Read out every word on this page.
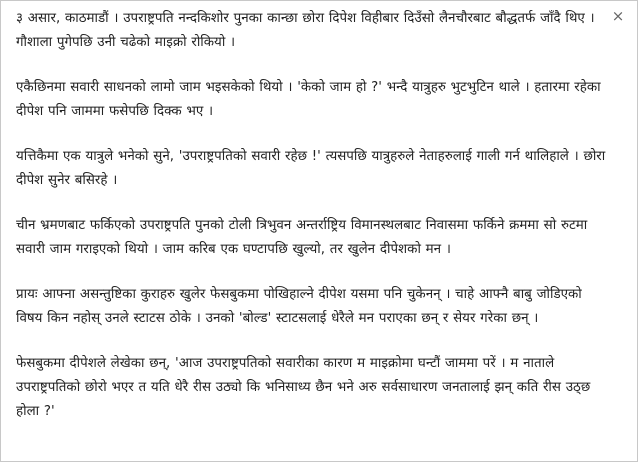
×

३ असार, काठमाडौं । उपराष्ट्रपति नन्दकिशोर पुनका कान्छा छोरा दिपेश विहीबार दिउँसो लैनचौरबाट बौद्धतर्फ जाँदै थिए । गौशाला पुगेपछि उनी चढेको माइक्रो रोकियो ।

एकैछिनमा सवारी साधनको लामो जाम भइसकेको थियो । 'केको जाम हो ?' भन्दै यात्रुहरु भुटभुटिन थाले । हतारमा रहेका दीपेश पनि जाममा फसेपछि दिक्क भए ।

यत्तिकैमा एक यात्रुले भनेको सुने, 'उपराष्ट्रपतिको सवारी रहेछ !' त्यसपछि यात्रुहरुले नेताहरुलाई गाली गर्न थालिहाले । छोरा दीपेश सुनेर बसिरहे ।

चीन भ्रमणबाट फर्किएको उपराष्ट्रपति पुनको टोली त्रिभुवन अन्तर्राष्ट्रिय विमानस्थलबाट निवासमा फर्किने क्रममा सो रुटमा सवारी जाम गराइएको थियो । जाम करिब एक घण्टापछि खुल्यो, तर खुलेन दीपेशको मन ।

प्रायः आफ्ना असन्तुष्टिका कुराहरु खुलेर फेसबुकमा पोखिहाल्ने दीपेश यसमा पनि चुकेनन् । चाहे आफ्नै बाबु जोडिएको विषय किन नहोस् उनले स्टाटस ठोके । उनको 'बोल्ड' स्टाटसलाई धेरैले मन पराएका छन् र सेयर गरेका छन् ।

फेसबुकमा दीपेशले लेखेका छन्, 'आज उपराष्ट्रपतिको सवारीका कारण म माइक्रोमा घन्टौं जाममा परें । म नाताले उपराष्ट्रपतिको छोरो भएर त यति धेरै रीस उठ्यो कि भनिसाध्य छैन भने अरु सर्वसाधारण जनतालाई झन् कति रीस उठ्छ होला ?'
